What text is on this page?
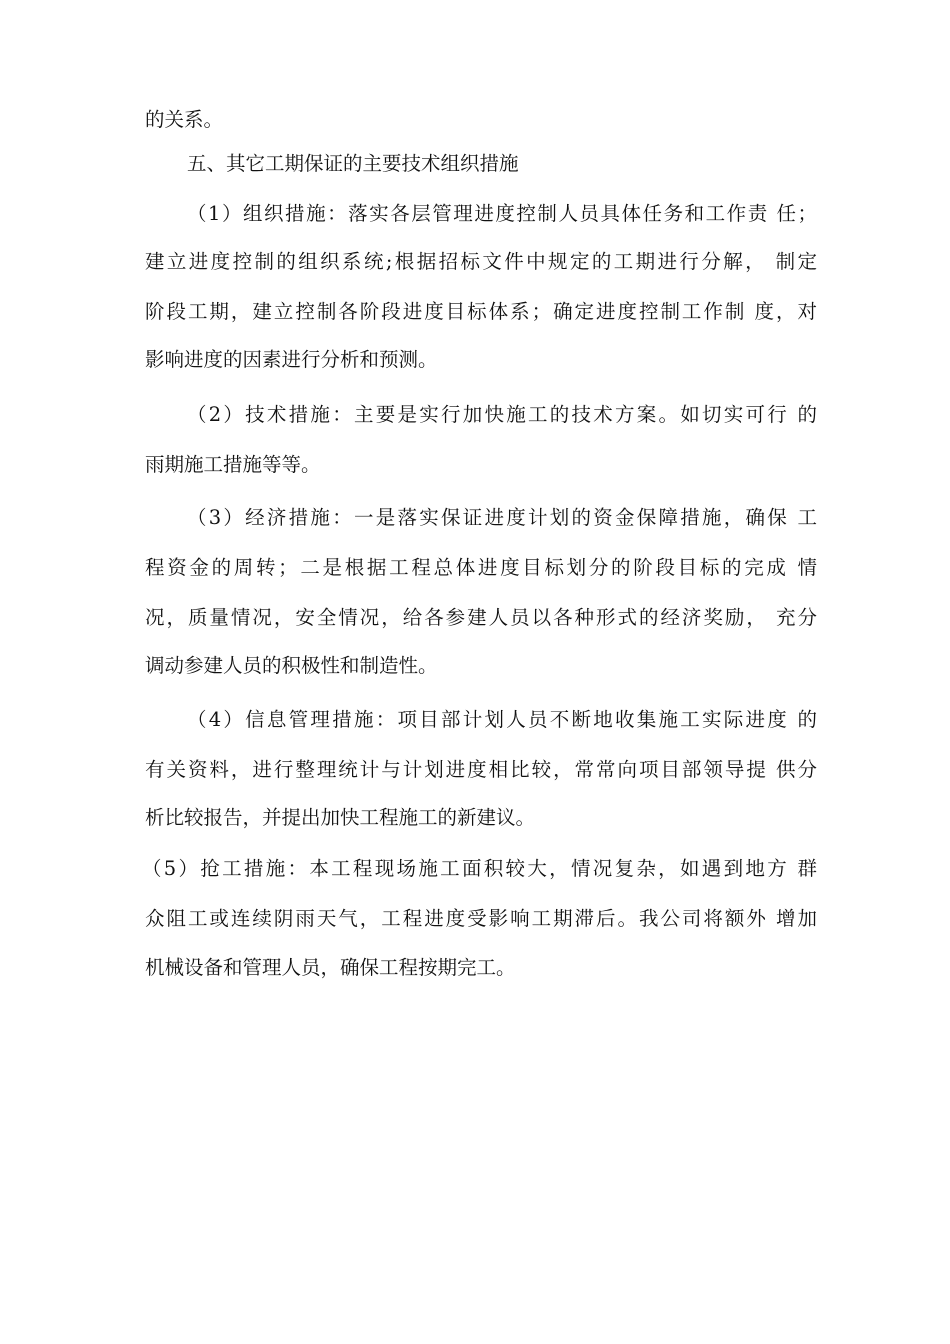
的关系。
五、其它工期保证的主要技术组织措施
（1）组织措施：落实各层管理进度控制人员具体任务和工作责 任；
建立进度控制的组织系统;根据招标文件中规定的工期进行分解， 制定
阶段工期，建立控制各阶段进度目标体系；确定进度控制工作制 度，对
影响进度的因素进行分析和预测。
（2）技术措施：主要是实行加快施工的技术方案。如切实可行 的
雨期施工措施等等。
（3）经济措施：一是落实保证进度计划的资金保障措施，确保 工
程资金的周转；二是根据工程总体进度目标划分的阶段目标的完成 情
况，质量情况，安全情况，给各参建人员以各种形式的经济奖励， 充分
调动参建人员的积极性和制造性。
（4）信息管理措施：项目部计划人员不断地收集施工实际进度 的
有关资料，进行整理统计与计划进度相比较，常常向项目部领导提 供分
析比较报告，并提出加快工程施工的新建议。
（5）抢工措施：本工程现场施工面积较大，情况复杂，如遇到地方 群
众阻工或连续阴雨天气，工程进度受影响工期滞后。我公司将额外 增加
机械设备和管理人员，确保工程按期完工。
